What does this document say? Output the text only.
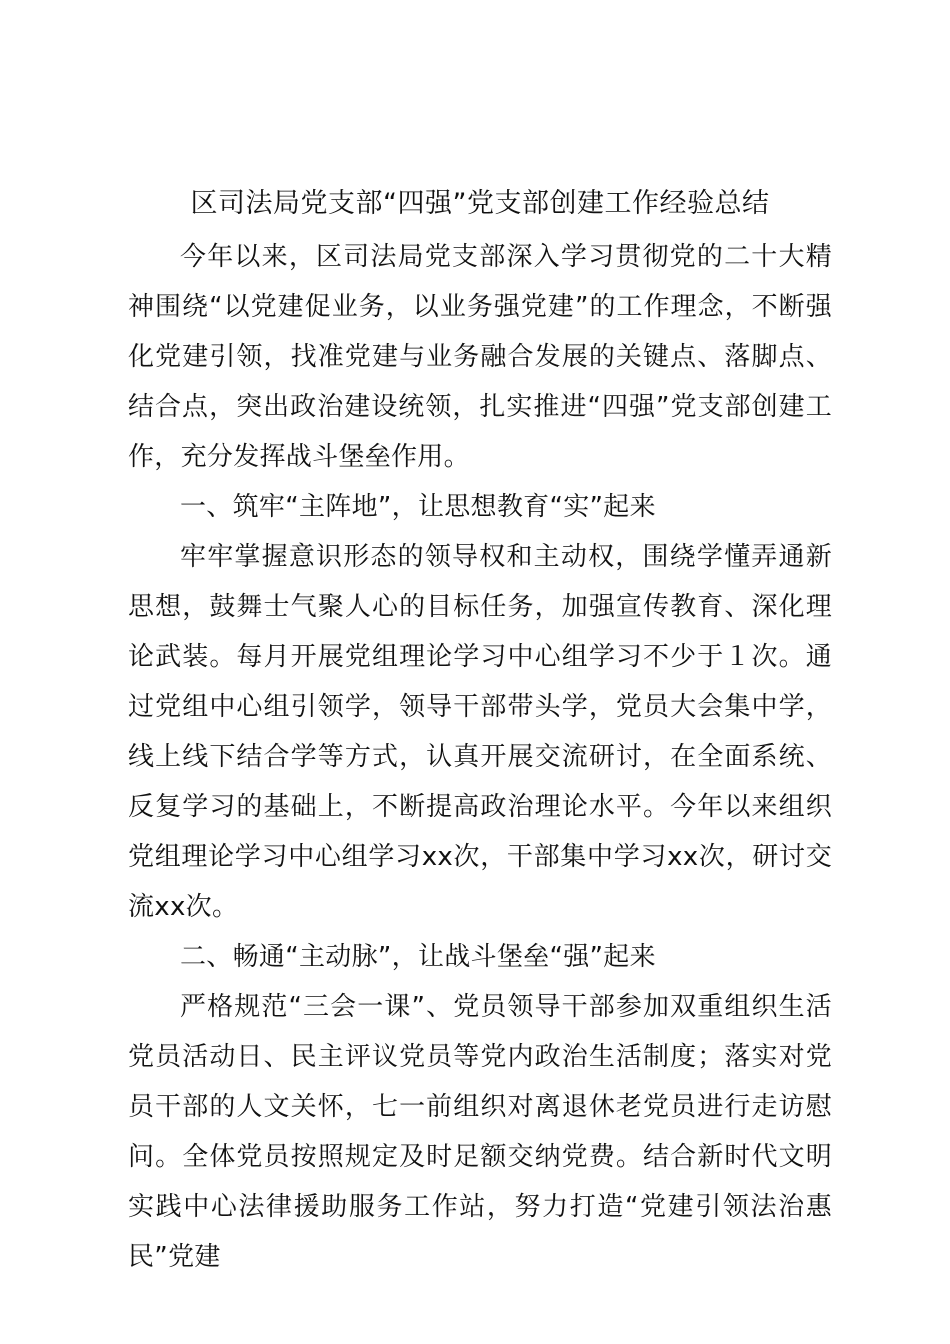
区司法局党支部“四强”党支部创建工作经验总结

今年以来，区司法局党支部深入学习贯彻党的二十大精神围绕“以党建促业务，以业务强党建”的工作理念，不断强化党建引领，找准党建与业务融合发展的关键点、落脚点、结合点，突出政治建设统领，扎实推进“四强”党支部创建工作，充分发挥战斗堡垒作用。

一、筑牢“主阵地”，让思想教育“实”起来

牢牢掌握意识形态的领导权和主动权，围绕学懂弄通新思想，鼓舞士气聚人心的目标任务，加强宣传教育、深化理论武装。每月开展党组理论学习中心组学习不少于１次。通过党组中心组引领学，领导干部带头学，党员大会集中学，线上线下结合学等方式，认真开展交流研讨，在全面系统、反复学习的基础上，不断提高政治理论水平。今年以来组织党组理论学习中心组学习xx次，干部集中学习xx次，研讨交流xx次。

二、畅通“主动脉”，让战斗堡垒“强”起来

严格规范“三会一课”、党员领导干部参加双重组织生活党员活动日、民主评议党员等党内政治生活制度；落实对党员干部的人文关怀，七一前组织对离退休老党员进行走访慰问。全体党员按照规定及时足额交纳党费。结合新时代文明实践中心法律援助服务工作站，努力打造“党建引领法治惠民”党建
